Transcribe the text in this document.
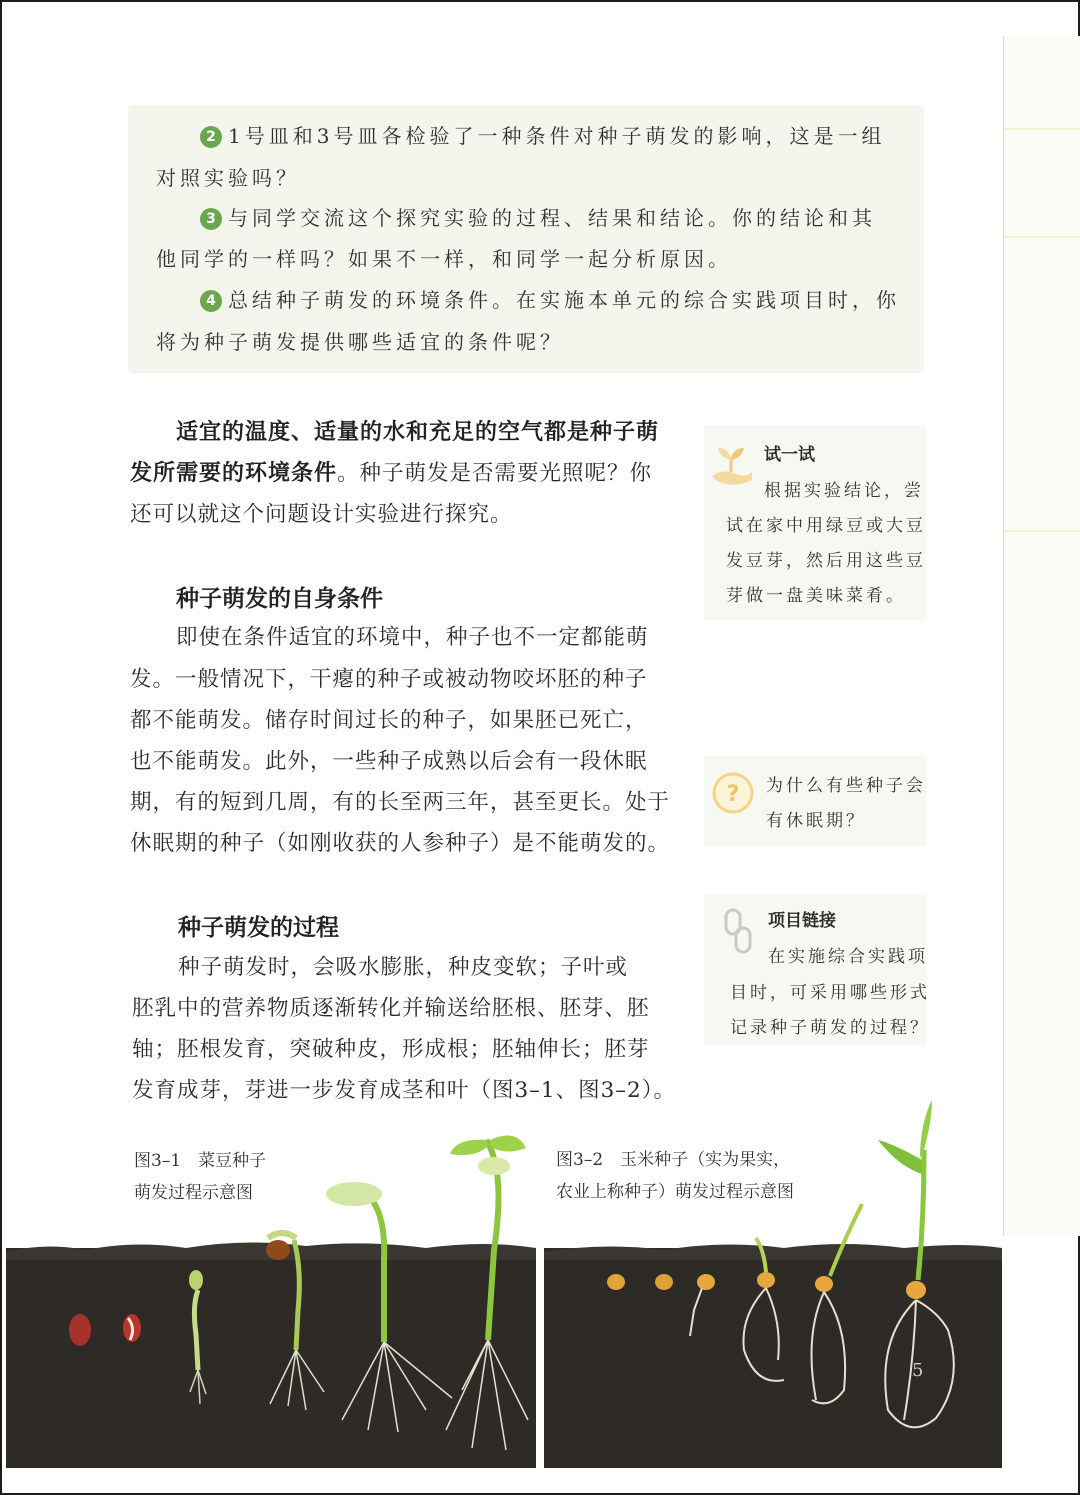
2 1号皿和3号皿各检验了一种条件对种子萌发的影响，这是一组
对照实验吗？
3 与同学交流这个探究实验的过程、结果和结论。你的结论和其
他同学的一样吗？如果不一样，和同学一起分析原因。
4 总结种子萌发的环境条件。在实施本单元的综合实践项目时，你
将为种子萌发提供哪些适宜的条件呢？
适宜的温度、适量的水和充足的空气都是种子萌
发所需要的环境条件。种子萌发是否需要光照呢？你
还可以就这个问题设计实验进行探究。
种子萌发的自身条件
即使在条件适宜的环境中，种子也不一定都能萌
发。一般情况下，干瘪的种子或被动物咬坏胚的种子
都不能萌发。储存时间过长的种子，如果胚已死亡，
也不能萌发。此外，一些种子成熟以后会有一段休眠
期，有的短到几周，有的长至两三年，甚至更长。处于
休眠期的种子（如刚收获的人参种子）是不能萌发的。
种子萌发的过程
种子萌发时，会吸水膨胀，种皮变软；子叶或
胚乳中的营养物质逐渐转化并输送给胚根、胚芽、胚
轴；胚根发育，突破种皮，形成根；胚轴伸长；胚芽
发育成芽，芽进一步发育成茎和叶（图3–1、图3–2）。
试一试
根据实验结论，尝
试在家中用绿豆或大豆
发豆芽，然后用这些豆
芽做一盘美味菜肴。
? 为什么有些种子会
有休眠期？
项目链接
在实施综合实践项
目时，可采用哪些形式
记录种子萌发的过程？
图3–1　菜豆种子
萌发过程示意图
图3–2　玉米种子（实为果实，
农业上称种子）萌发过程示意图
5
